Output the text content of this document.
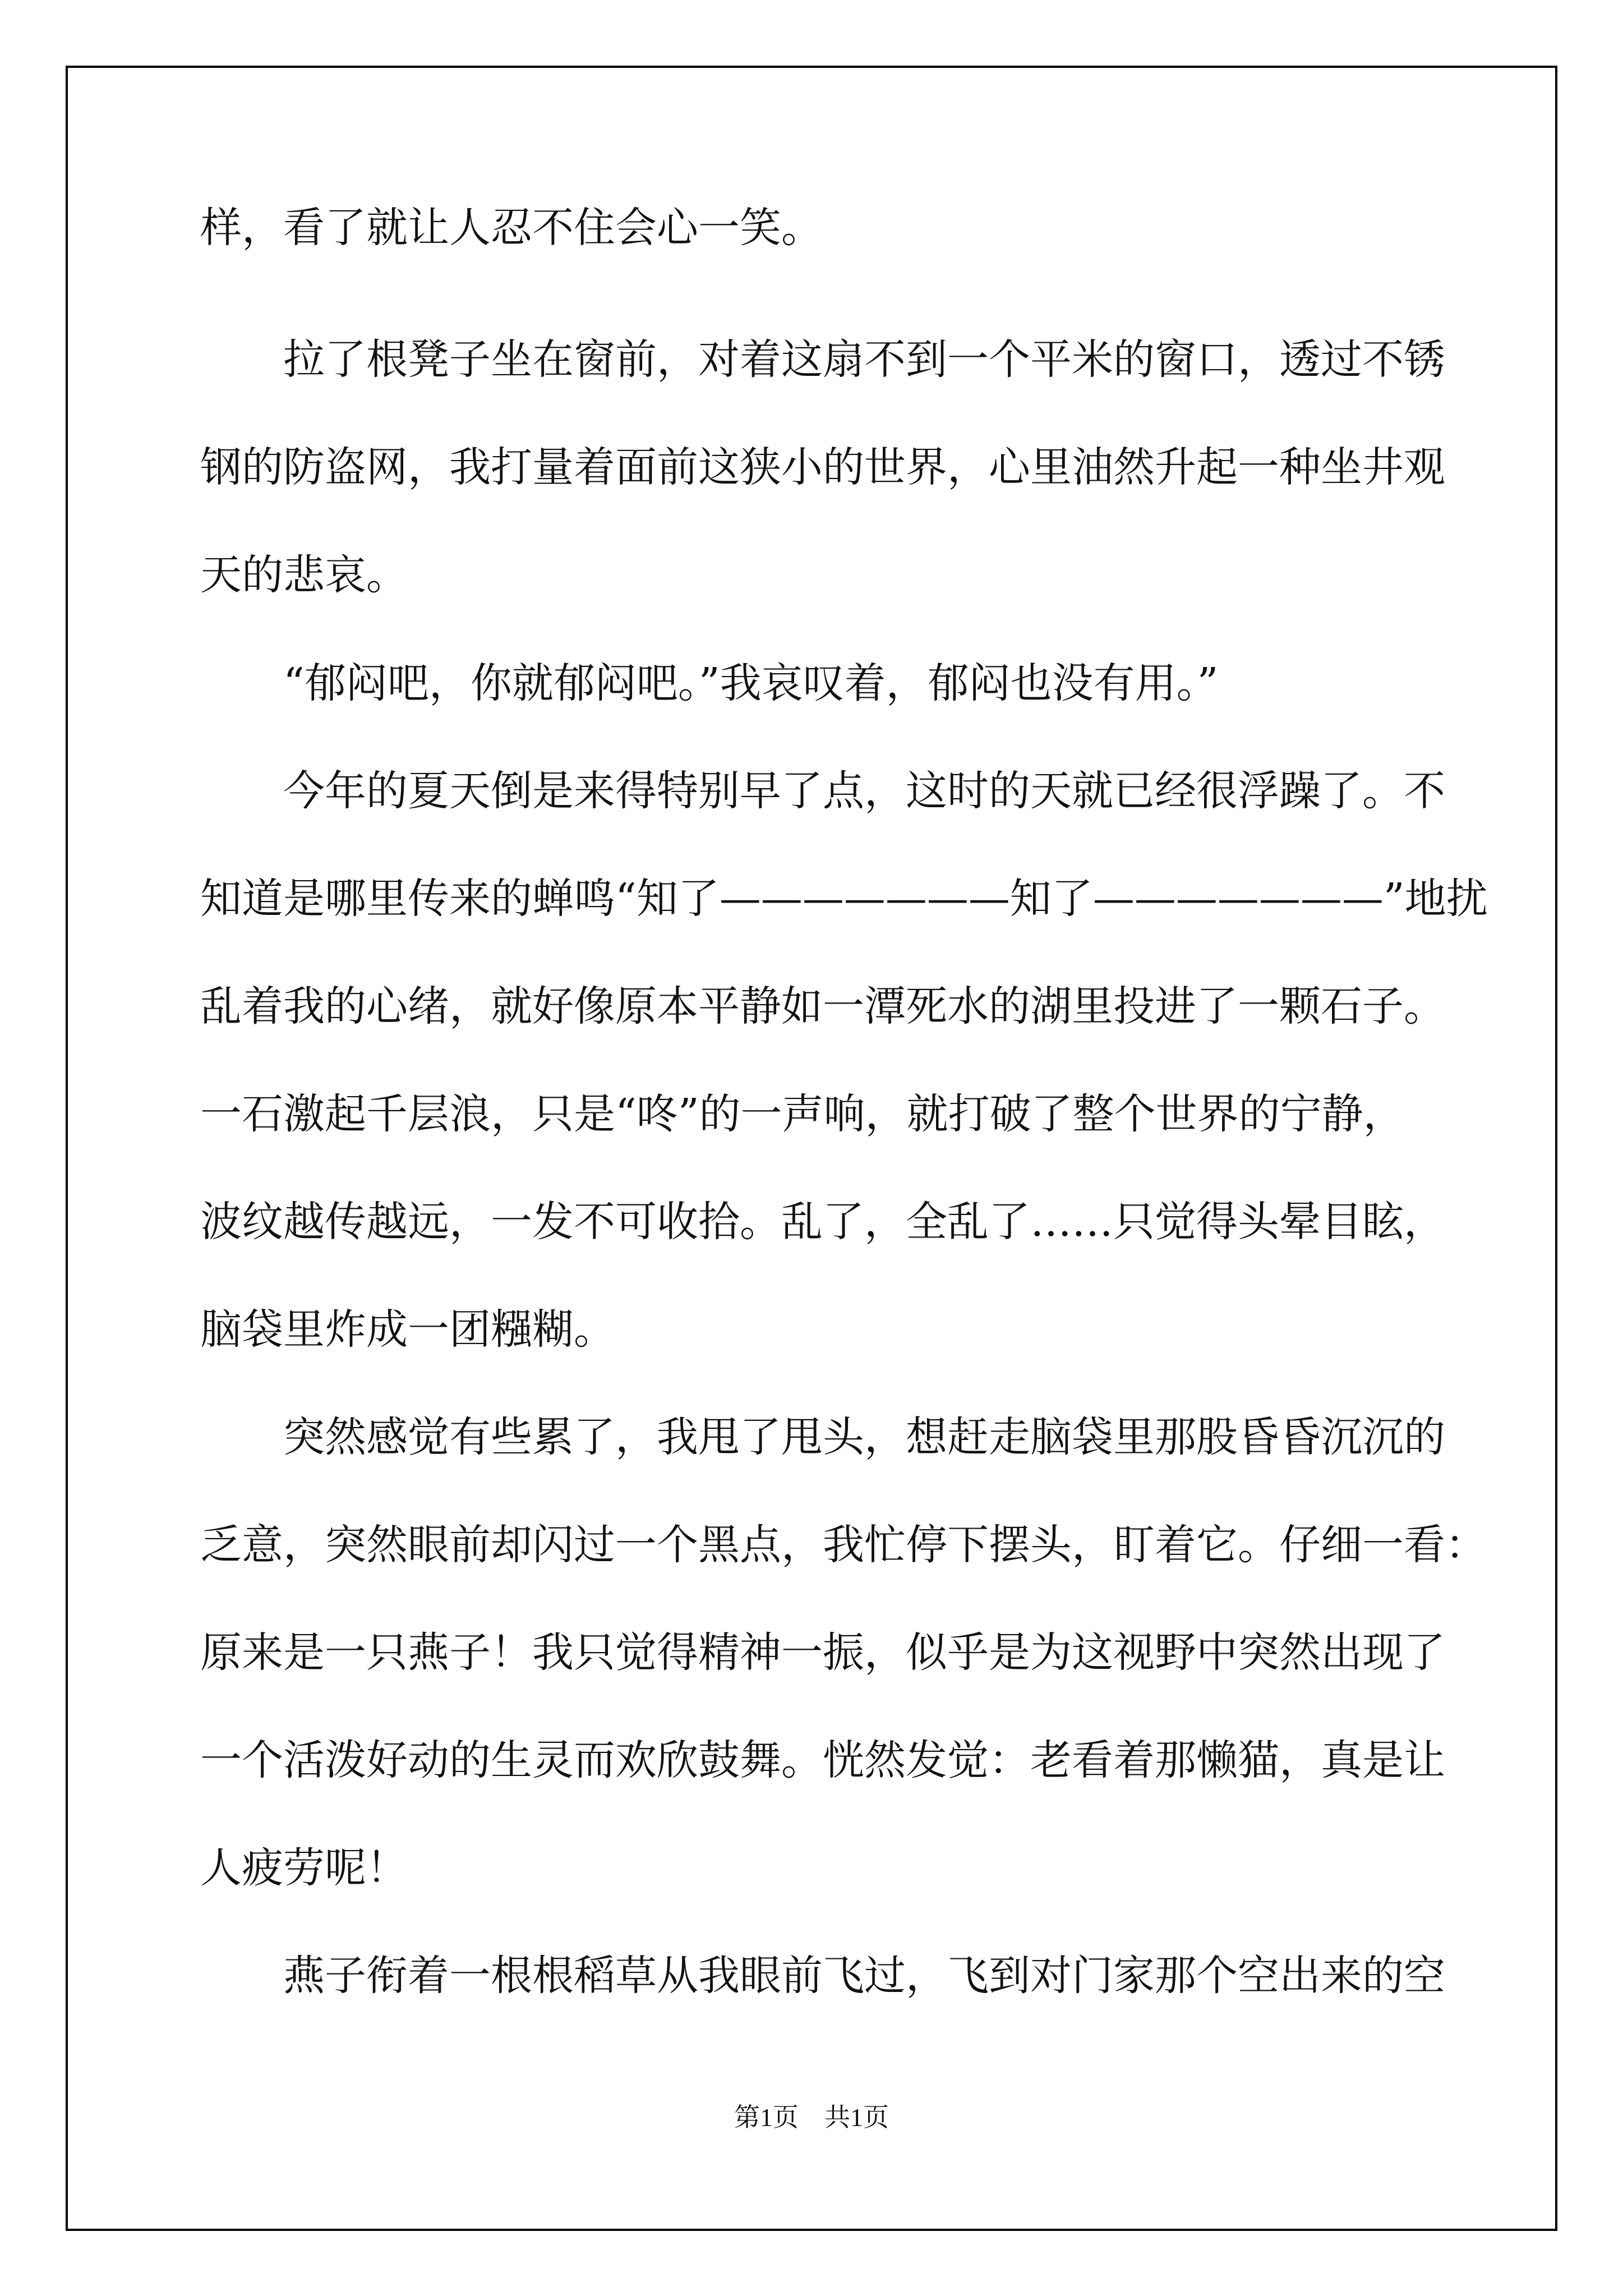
样，看了就让人忍不住会心一笑。
　　拉了根凳子坐在窗前，对着这扇不到一个平米的窗口，透过不锈
钢的防盗网，我打量着面前这狭小的世界，心里油然升起一种坐井观
天的悲哀。
　　“郁闷吧，你就郁闷吧。”我哀叹着，郁闷也没有用。”
　　今年的夏天倒是来得特别早了点，这时的天就已经很浮躁了。不
知道是哪里传来的蝉鸣“知了———————知了———————”地扰
乱着我的心绪，就好像原本平静如一潭死水的湖里投进了一颗石子。
一石激起千层浪，只是“咚”的一声响，就打破了整个世界的宁静，
波纹越传越远，一发不可收拾。乱了，全乱了……只觉得头晕目眩，
脑袋里炸成一团糨糊。
　　突然感觉有些累了，我甩了甩头，想赶走脑袋里那股昏昏沉沉的
乏意，突然眼前却闪过一个黑点，我忙停下摆头，盯着它。仔细一看：
原来是一只燕子！我只觉得精神一振，似乎是为这视野中突然出现了
一个活泼好动的生灵而欢欣鼓舞。恍然发觉：老看着那懒猫，真是让
人疲劳呢！
　　燕子衔着一根根稻草从我眼前飞过，飞到对门家那个空出来的空
第1页　共1页
